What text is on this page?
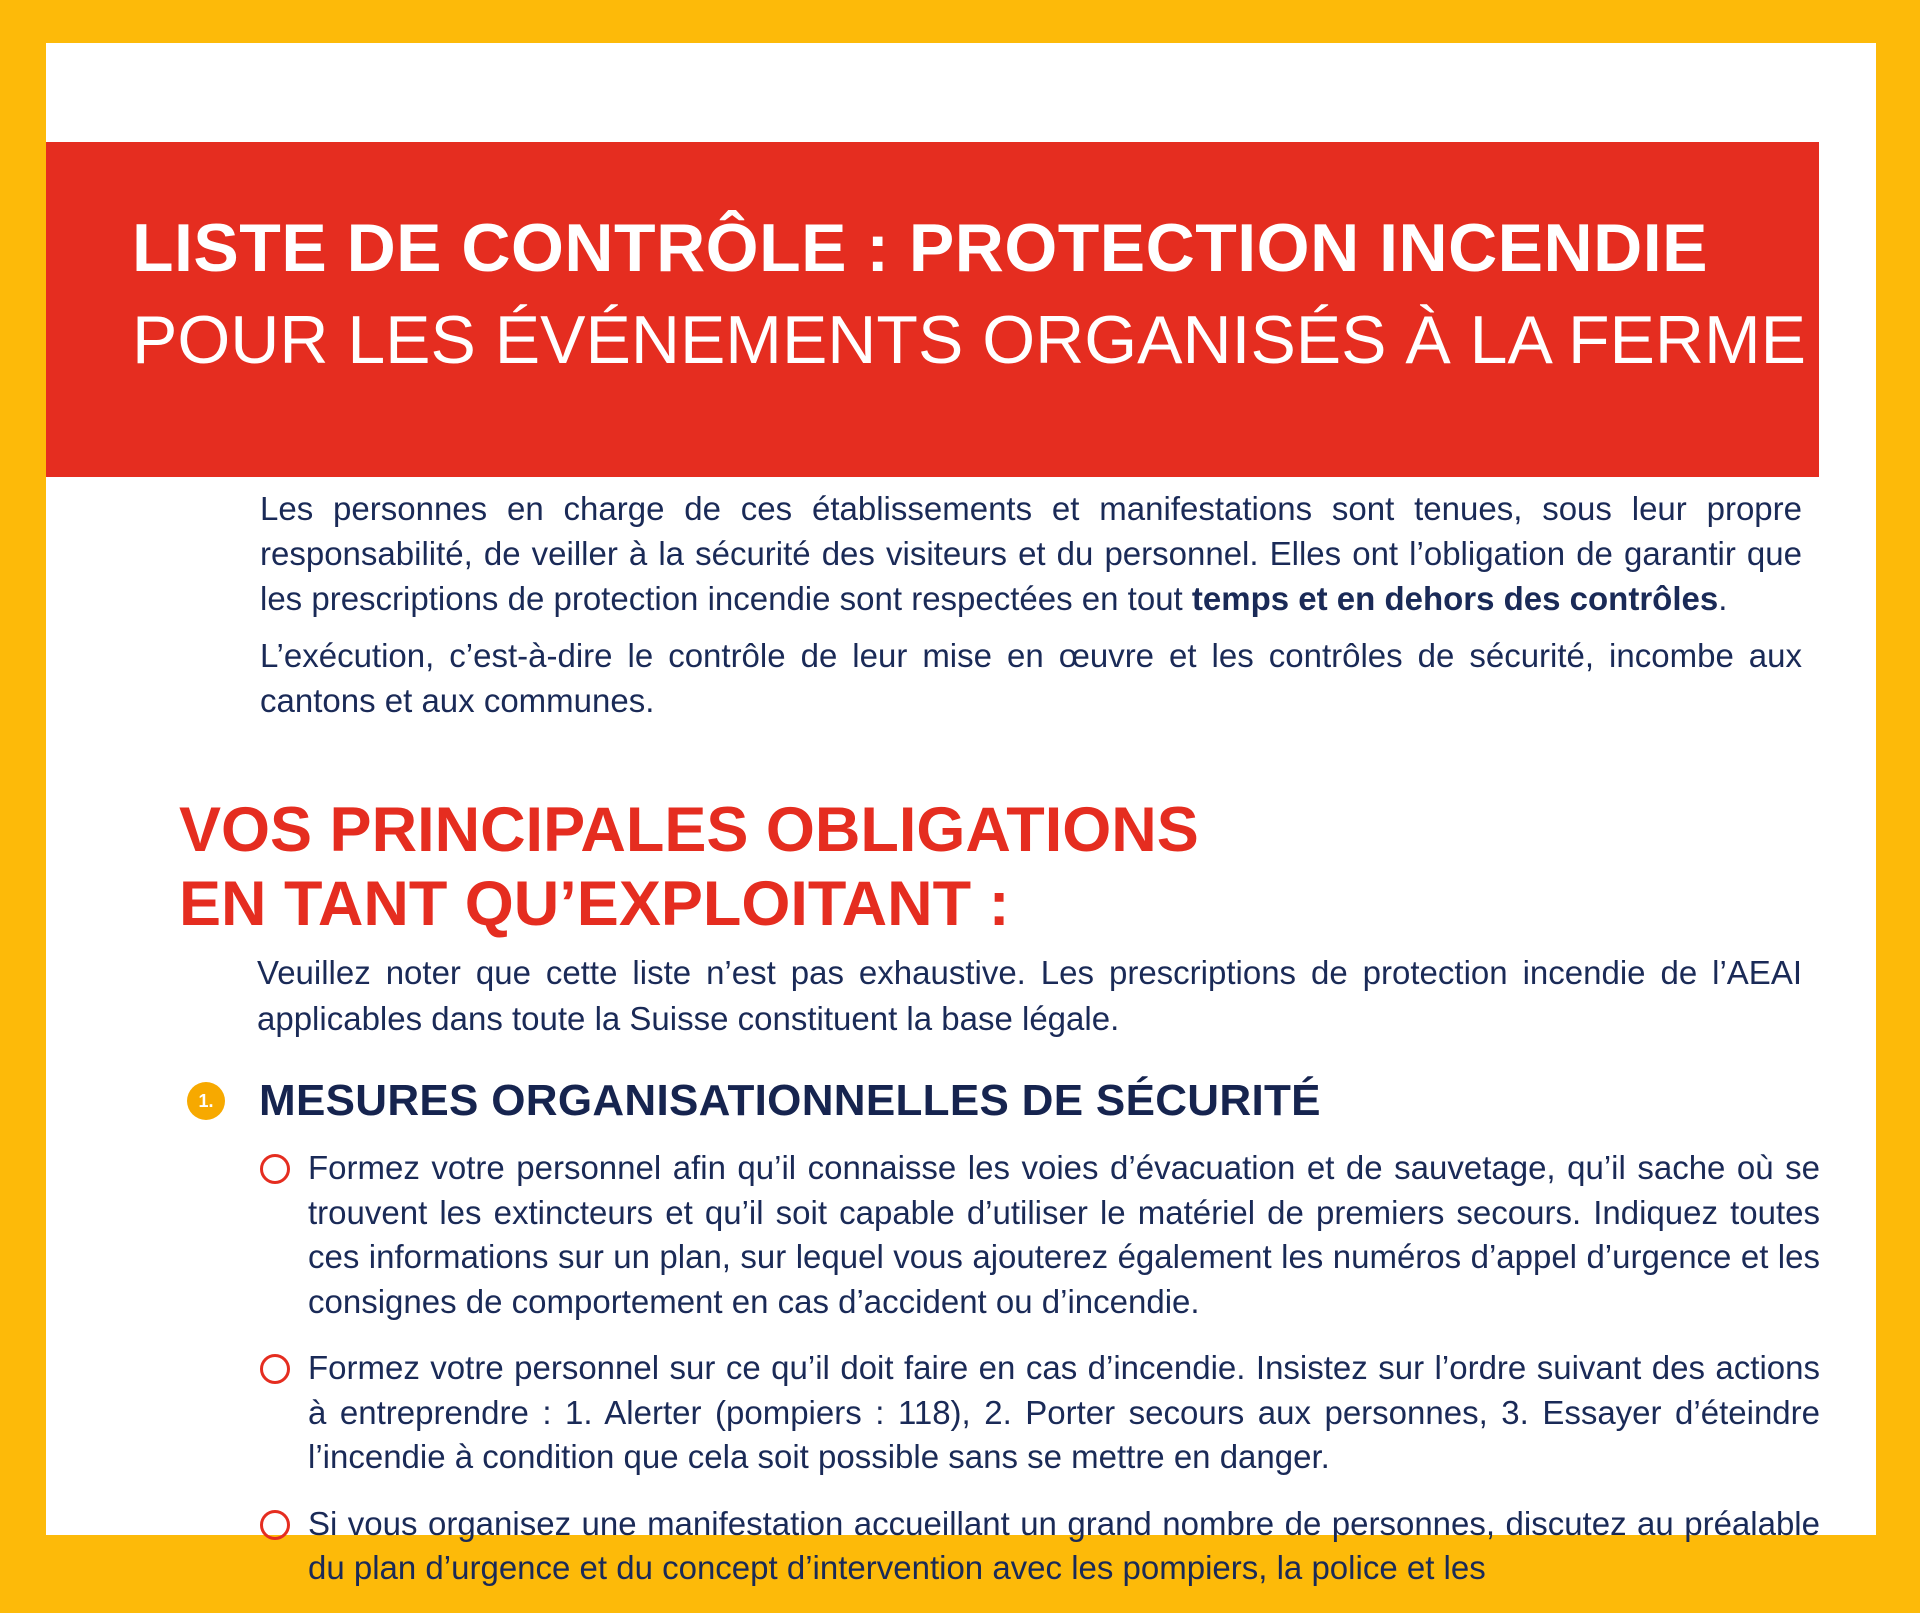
LISTE DE CONTRÔLE : PROTECTION INCENDIE
POUR LES ÉVÉNEMENTS ORGANISÉS À LA FERME

Les personnes en charge de ces établissements et manifestations sont tenues, sous leur propre responsabilité, de veiller à la sécurité des visiteurs et du personnel. Elles ont l’obligation de garantir que les prescriptions de protection incendie sont respectées en tout temps et en dehors des contrôles.

L’exécution, c’est-à-dire le contrôle de leur mise en œuvre et les contrôles de sécurité, incombe aux cantons et aux communes.

VOS PRINCIPALES OBLIGATIONS
EN TANT QU’EXPLOITANT :

Veuillez noter que cette liste n’est pas exhaustive. Les prescriptions de protection incendie de l’AEAI applicables dans toute la Suisse constituent la base légale.

1. MESURES ORGANISATIONNELLES DE SÉCURITÉ
Formez votre personnel afin qu’il connaisse les voies d’évacuation et de sauvetage, qu’il sache où se trouvent les extincteurs et qu’il soit capable d’utiliser le matériel de premiers secours. Indiquez toutes ces informations sur un plan, sur lequel vous ajouterez également les numéros d’appel d’urgence et les consignes de comportement en cas d’accident ou d’incendie.
Formez votre personnel sur ce qu’il doit faire en cas d’incendie. Insistez sur l’ordre suivant des actions à entreprendre : 1. Alerter (pompiers : 118), 2. Porter secours aux personnes, 3. Essayer d’éteindre l’incendie à condition que cela soit possible sans se mettre en danger.
Si vous organisez une manifestation accueillant un grand nombre de personnes, discutez au préalable du plan d’urgence et du concept d’intervention avec les pompiers, la police et les
